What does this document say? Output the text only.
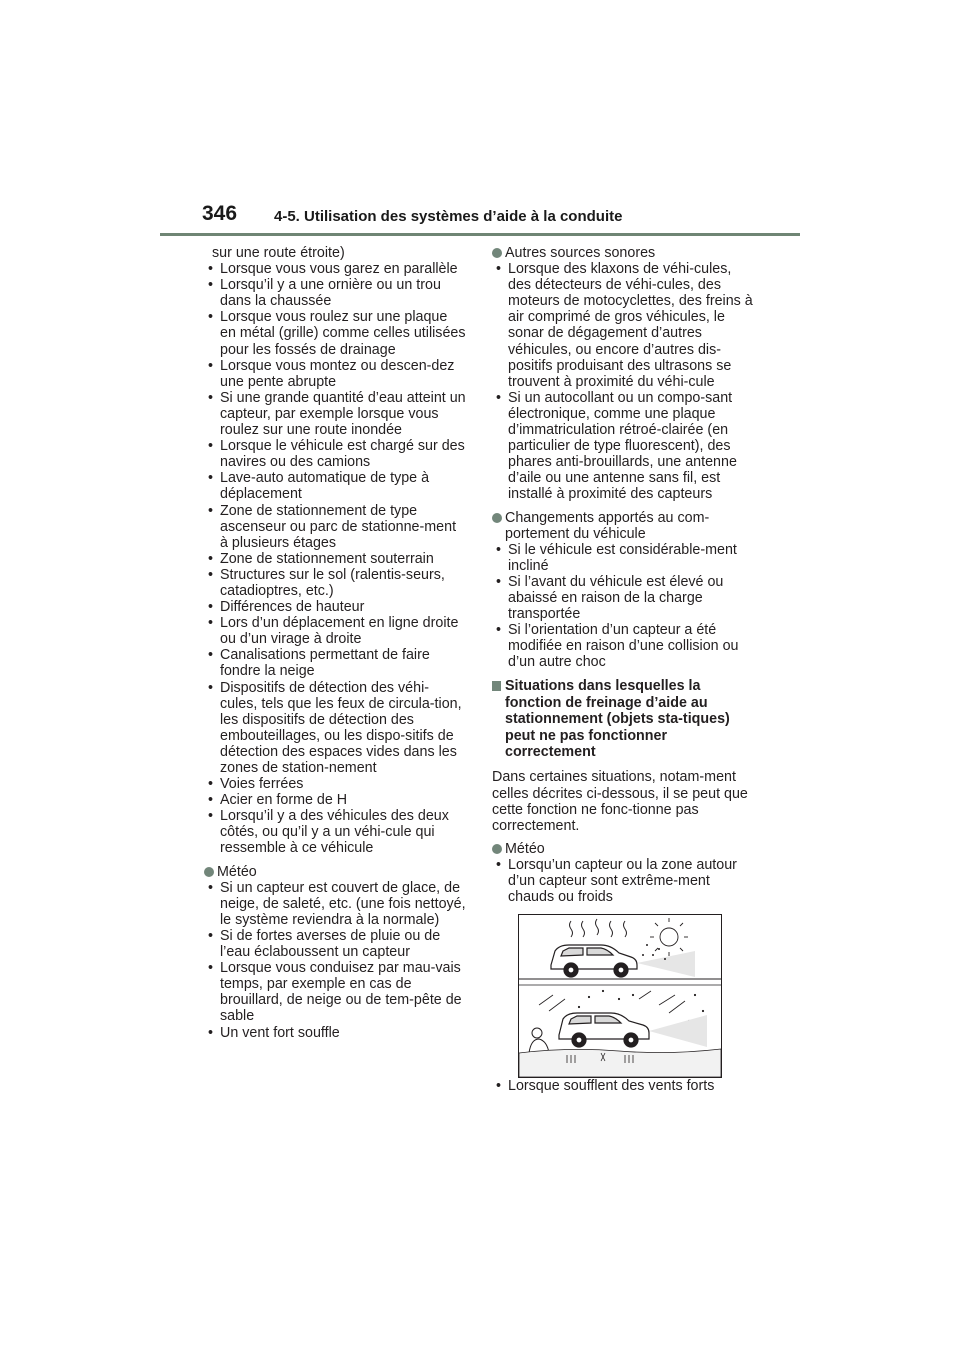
346 4-5. Utilisation des systèmes d’aide à la conduite
sur une route étroite)
• Lorsque vous vous garez en parallèle
• Lorsqu’il y a une ornière ou un trou dans la chaussée
• Lorsque vous roulez sur une plaque en métal (grille) comme celles utilisées pour les fossés de drainage
• Lorsque vous montez ou descen-dez une pente abrupte
• Si une grande quantité d’eau atteint un capteur, par exemple lorsque vous roulez sur une route inondée
• Lorsque le véhicule est chargé sur des navires ou des camions
• Lave-auto automatique de type à déplacement
• Zone de stationnement de type ascenseur ou parc de stationne-ment à plusieurs étages
• Zone de stationnement souterrain
• Structures sur le sol (ralentis-seurs, catadioptres, etc.)
• Différences de hauteur
• Lors d’un déplacement en ligne droite ou d’un virage à droite
• Canalisations permettant de faire fondre la neige
• Dispositifs de détection des véhi-cules, tels que les feux de circula-tion, les dispositifs de détection des embouteillages, ou les dispo-sitifs de détection des espaces vides dans les zones de station-nement
• Voies ferrées
• Acier en forme de H
• Lorsqu’il y a des véhicules des deux côtés, ou qu’il y a un véhi-cule qui ressemble à ce véhicule
Météo
• Si un capteur est couvert de glace, de neige, de saleté, etc. (une fois nettoyé, le système reviendra à la normale)
• Si de fortes averses de pluie ou de l’eau éclaboussent un capteur
• Lorsque vous conduisez par mau-vais temps, par exemple en cas de brouillard, de neige ou de tem-pête de sable
• Un vent fort souffle
Autres sources sonores
• Lorsque des klaxons de véhi-cules, des détecteurs de véhi-cules, des moteurs de motocyclettes, des freins à air comprimé de gros véhicules, le sonar de dégagement d’autres véhicules, ou encore d’autres dis-positifs produisant des ultrasons se trouvent à proximité du véhi-cule
• Si un autocollant ou un compo-sant électronique, comme une plaque d’immatriculation rétroé-clairée (en particulier de type fluorescent), des phares anti-brouillards, une antenne d’aile ou une antenne sans fil, est installé à proximité des capteurs
Changements apportés au com-portement du véhicule
• Si le véhicule est considérable-ment incliné
• Si l’avant du véhicule est élevé ou abaissé en raison de la charge transportée
• Si l’orientation d’un capteur a été modifiée en raison d’une collision ou d’un autre choc
Situations dans lesquelles la fonction de freinage d’aide au stationnement (objets sta-tiques) peut ne pas fonctionner correctement
Dans certaines situations, notam-ment celles décrites ci-dessous, il se peut que cette fonction ne fonc-tionne pas correctement.
Météo
• Lorsqu’un capteur ou la zone autour d’un capteur sont extrême-ment chauds ou froids
• Lorsque soufflent des vents forts
